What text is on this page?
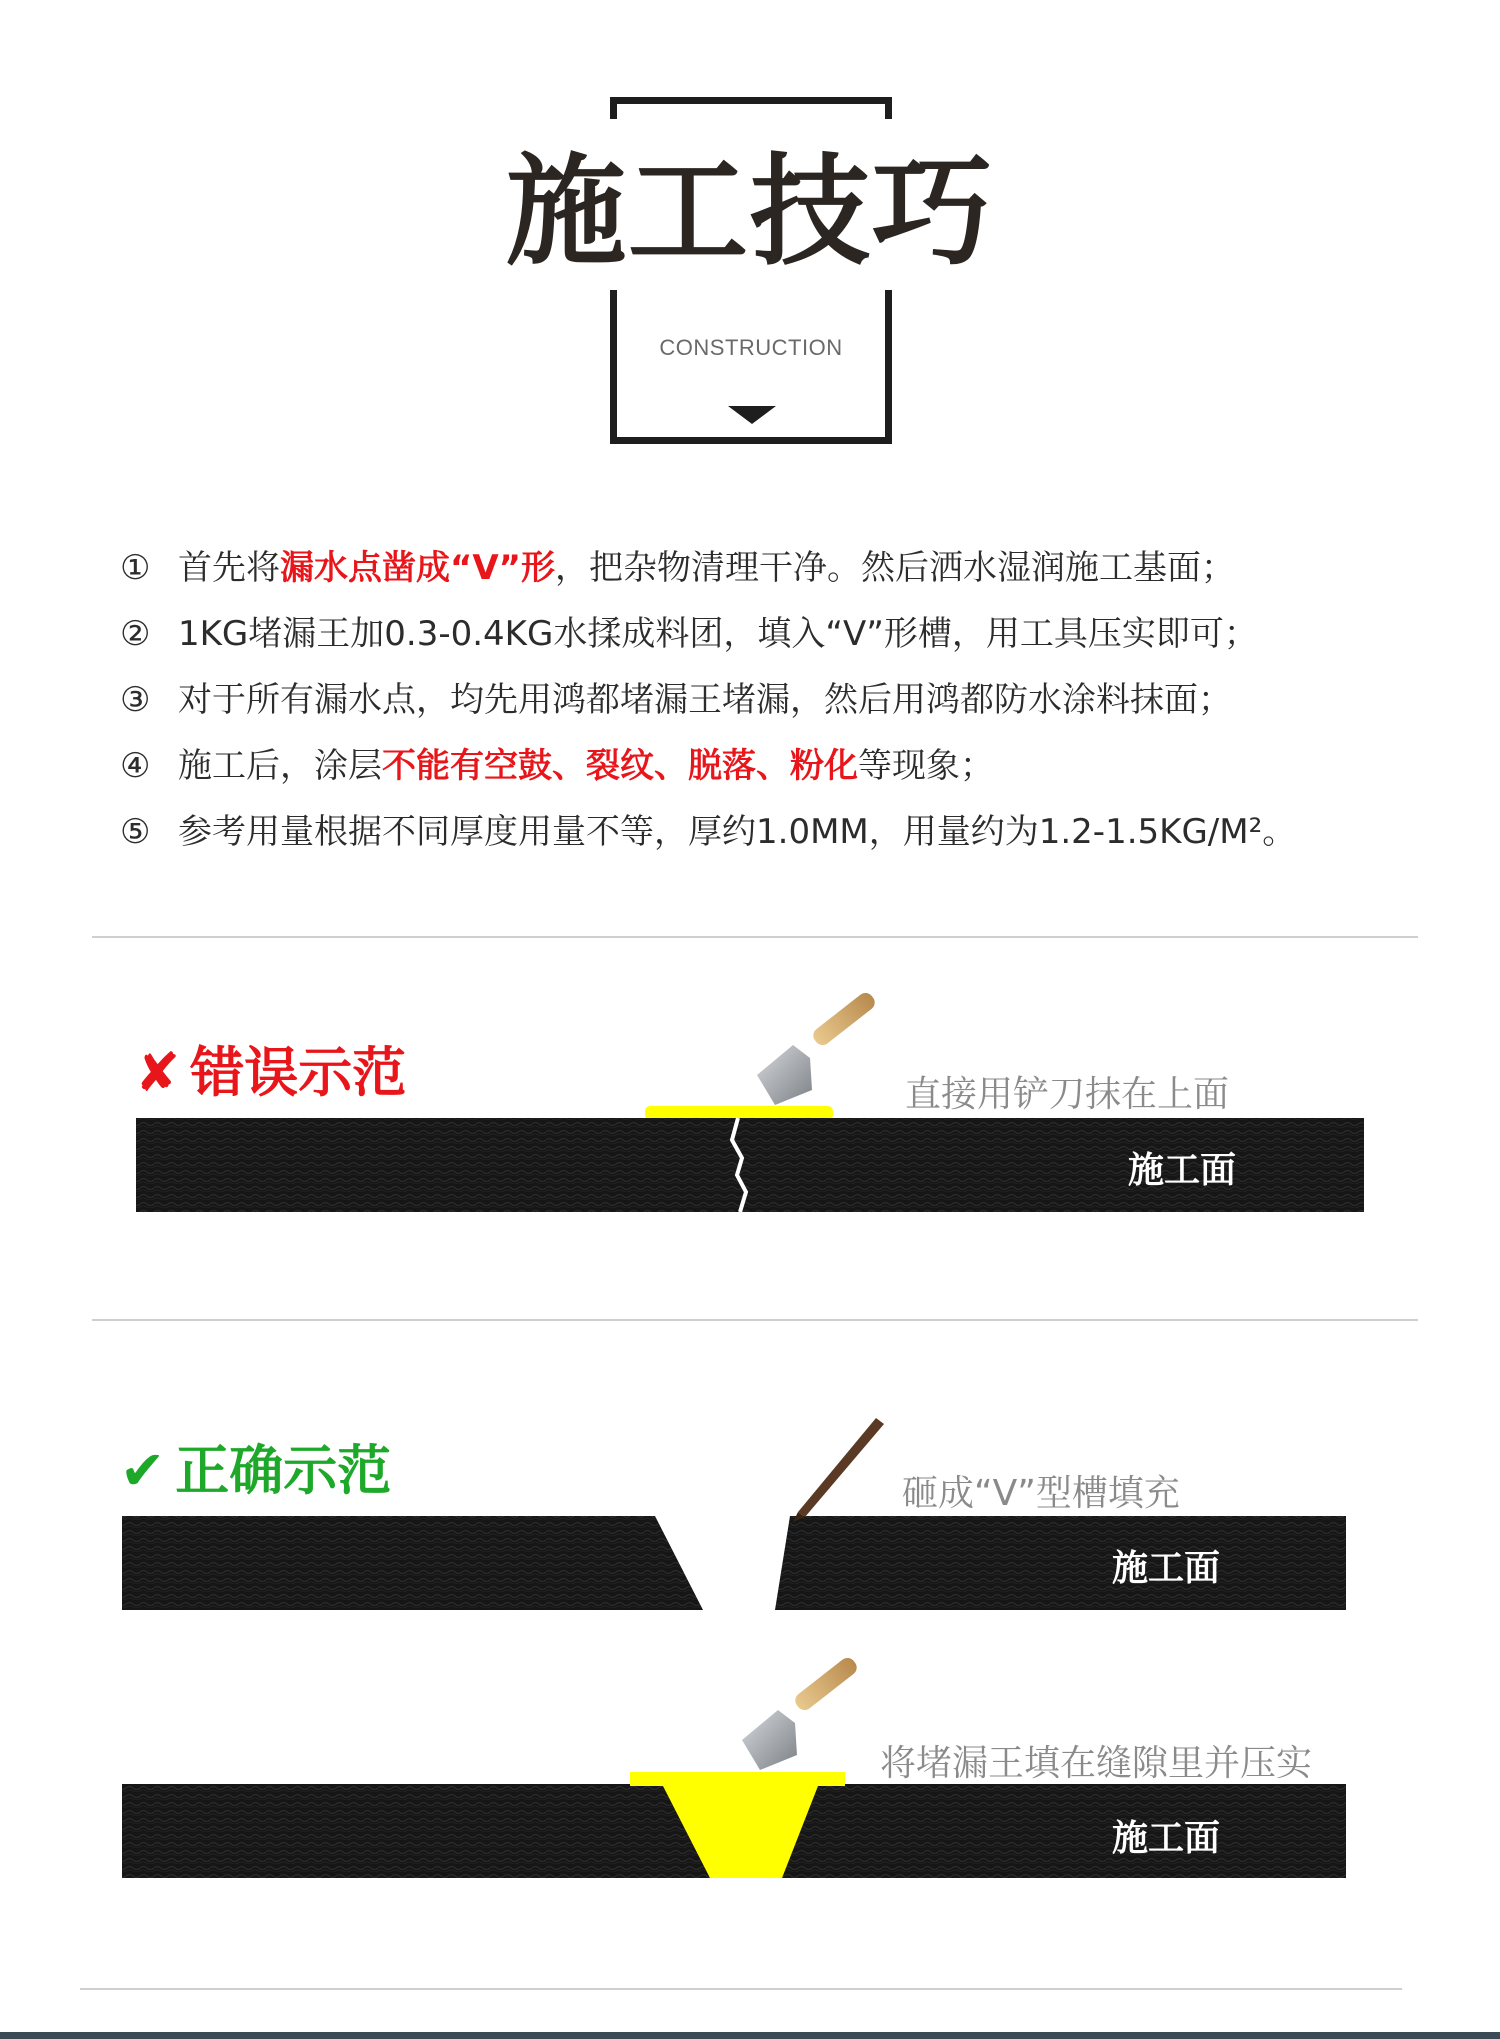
施工技巧
CONSTRUCTION
① 首先将漏水点凿成“V”形，把杂物清理干净。然后洒水湿润施工基面；
② 1KG堵漏王加0.3-0.4KG水揉成料团，填入“V”形槽，用工具压实即可；
③ 对于所有漏水点，均先用鸿都堵漏王堵漏，然后用鸿都防水涂料抹面；
④ 施工后，涂层不能有空鼓、裂纹、脱落、粉化等现象；
⑤ 参考用量根据不同厚度用量不等，厚约1.0MM，用量约为1.2-1.5KG/M²。
✘ 错误示范	直接用铲刀抹在上面
施工面
✔ 正确示范	砸成“V”型槽填充
施工面
将堵漏王填在缝隙里并压实
施工面
